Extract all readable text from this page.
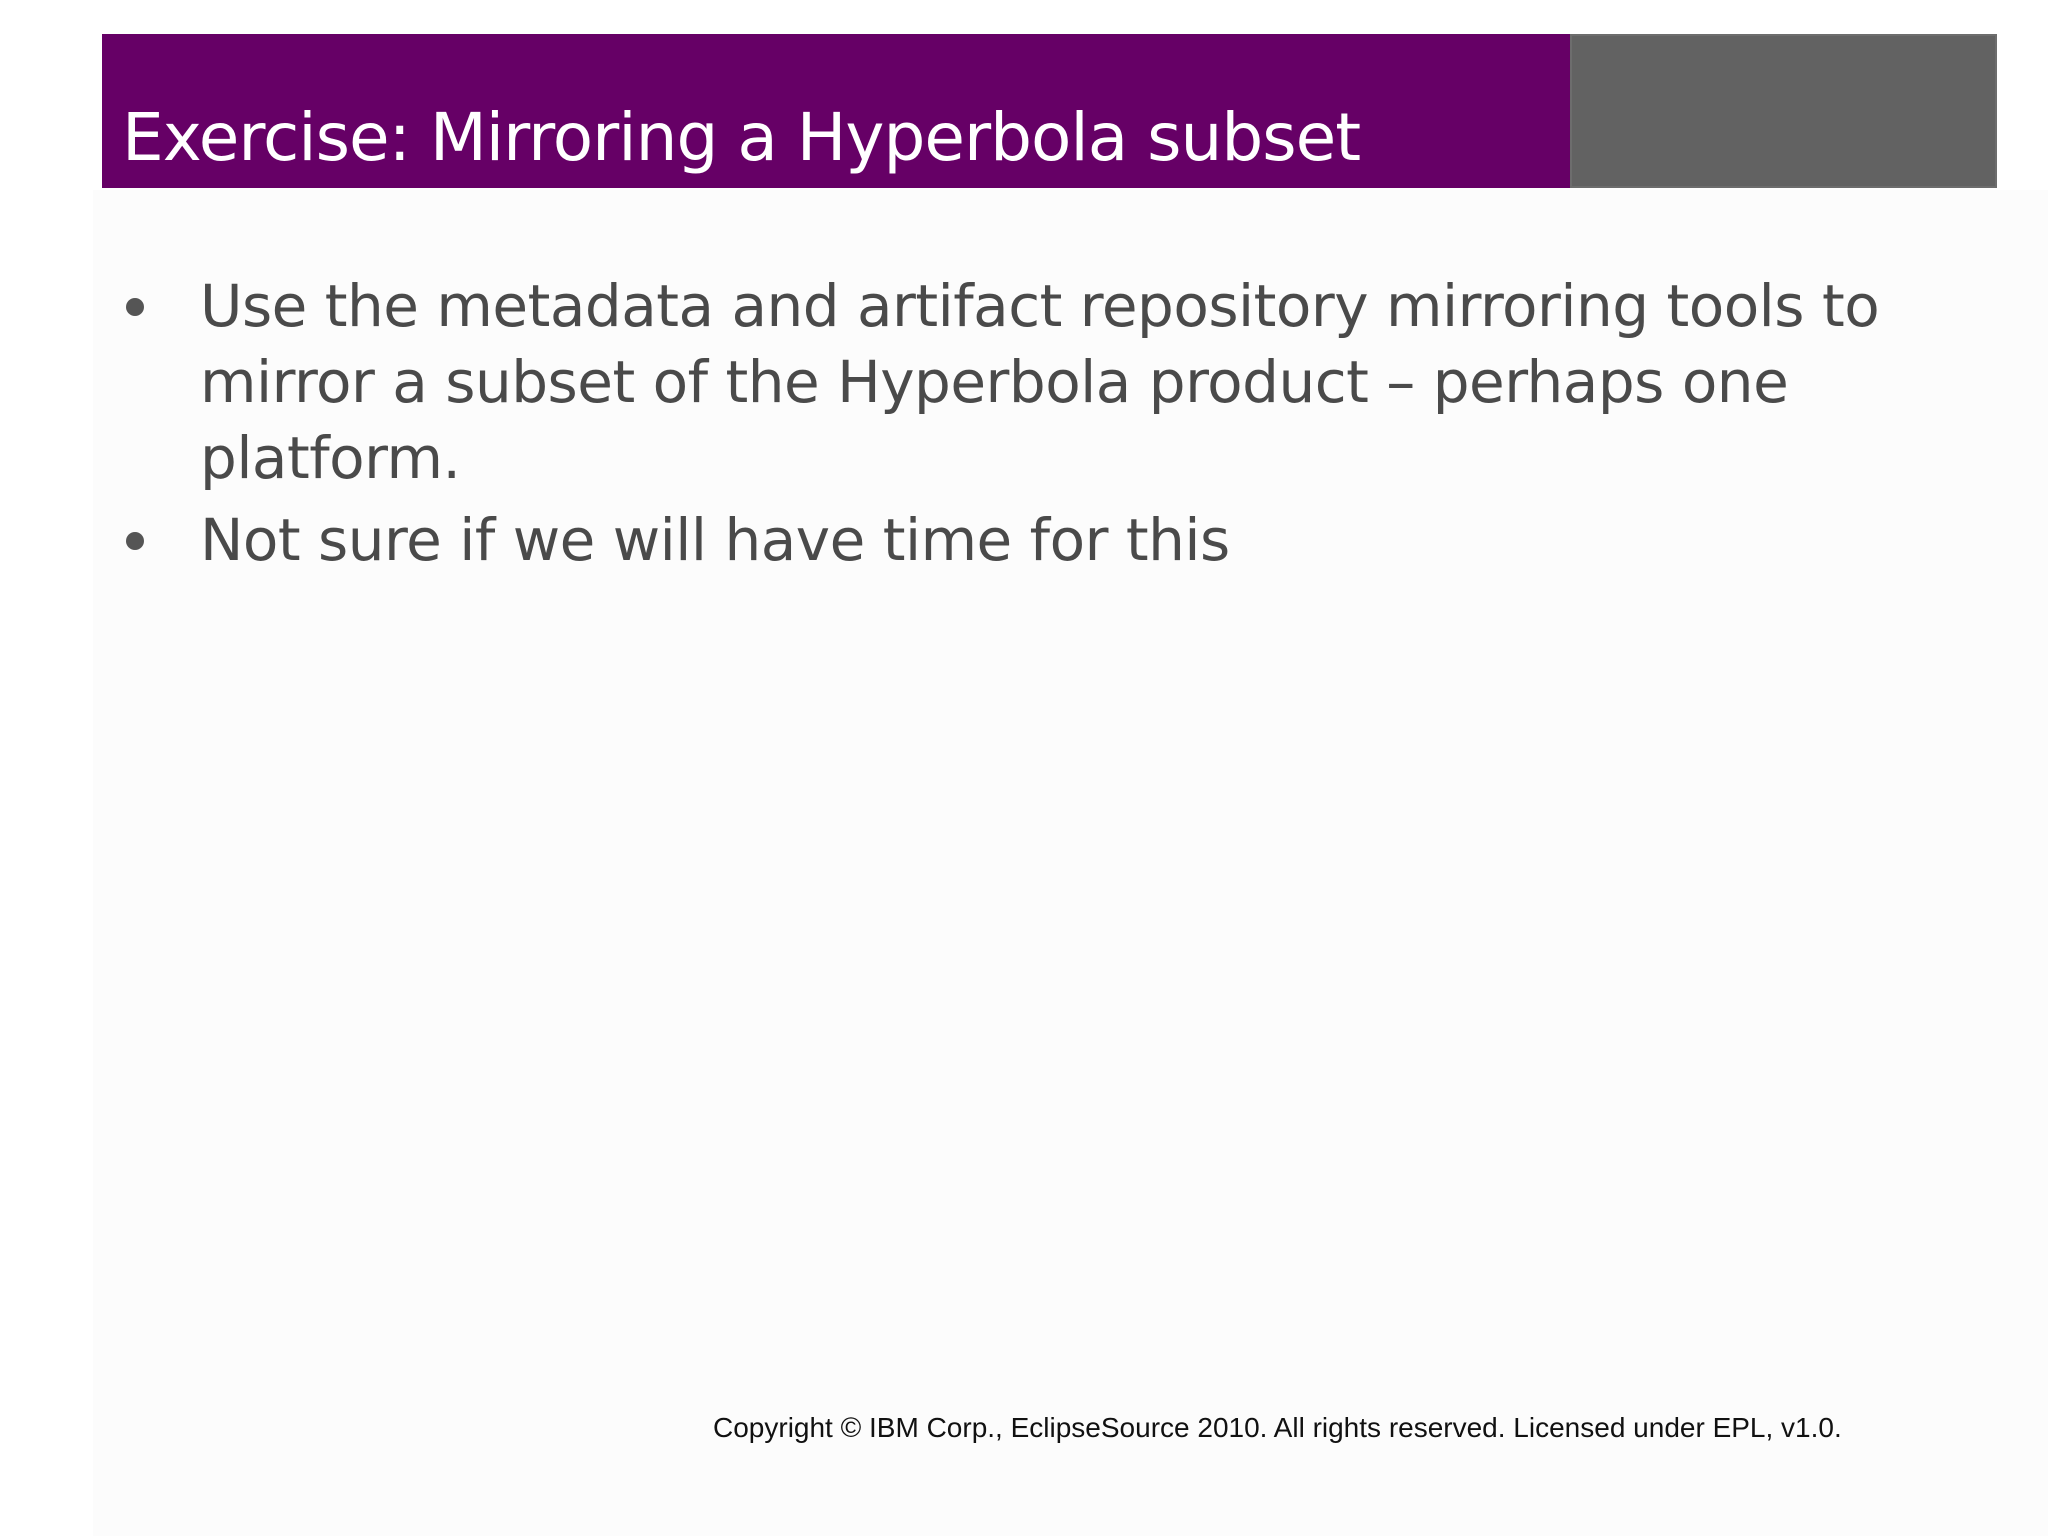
Exercise: Mirroring a Hyperbola subset
Use the metadata and artifact repository mirroring tools to mirror a subset of the Hyperbola product – perhaps one platform.
Not sure if we will have time for this

Copyright © IBM Corp., EclipseSource 2010. All rights reserved. Licensed under EPL, v1.0.
